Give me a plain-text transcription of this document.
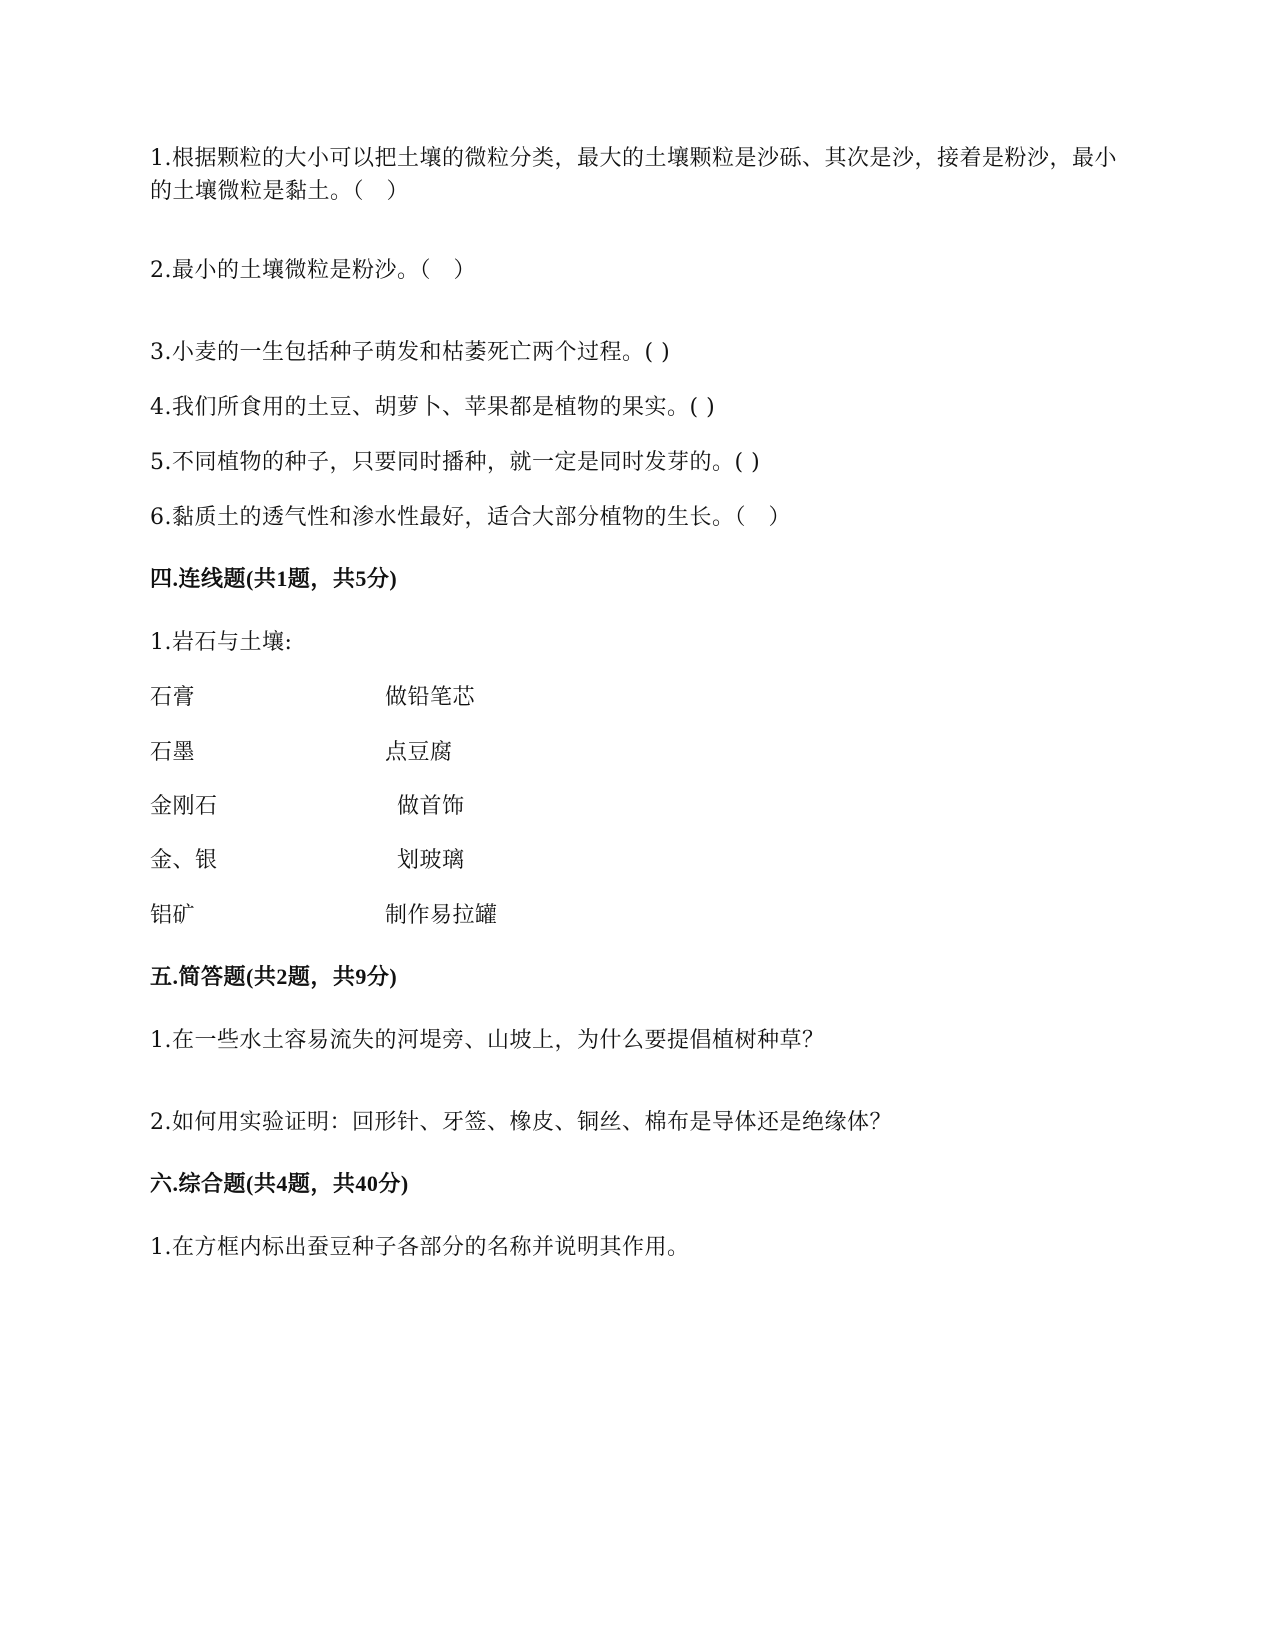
1.根据颗粒的大小可以把土壤的微粒分类，最大的土壤颗粒是沙砾、其次是沙，接着是粉沙，最小的土壤微粒是黏土。（　）
2.最小的土壤微粒是粉沙。（　）
3.小麦的一生包括种子萌发和枯萎死亡两个过程。( )
4.我们所食用的土豆、胡萝卜、苹果都是植物的果实。( )
5.不同植物的种子，只要同时播种，就一定是同时发芽的。( )
6.黏质土的透气性和渗水性最好，适合大部分植物的生长。（　）
四.连线题(共1题，共5分)
1.岩石与土壤:
石膏
石墨
金刚石
金、银
铝矿
做铅笔芯
点豆腐
做首饰
划玻璃
制作易拉罐
五.简答题(共2题，共9分)
1.在一些水土容易流失的河堤旁、山坡上，为什么要提倡植树种草？
2.如何用实验证明：回形针、牙签、橡皮、铜丝、棉布是导体还是绝缘体？
六.综合题(共4题，共40分)
1.在方框内标出蚕豆种子各部分的名称并说明其作用。
